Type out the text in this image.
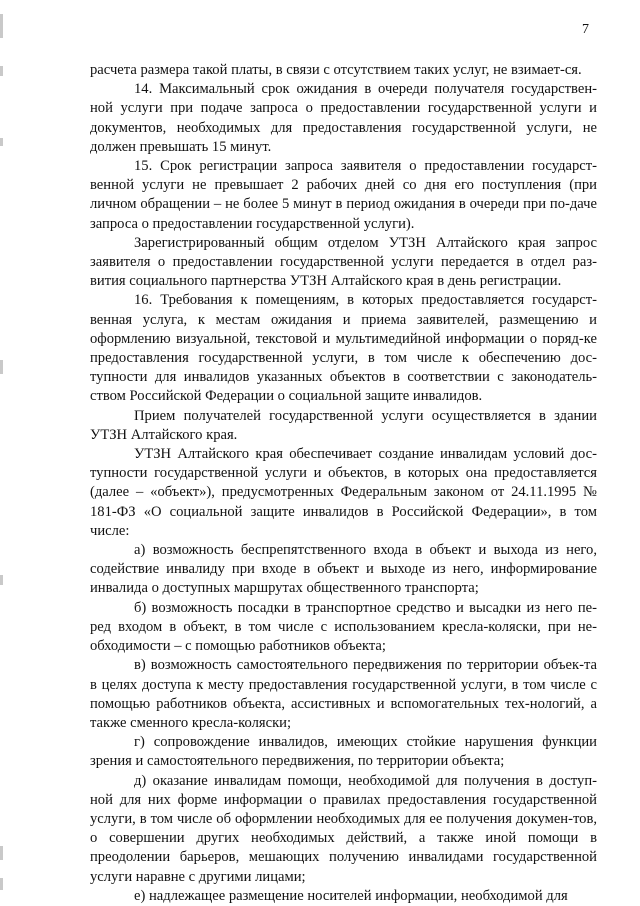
7

расчета размера такой платы, в связи с отсутствием таких услуг, не взимает-ся.

14. Максимальный срок ожидания в очереди получателя государствен-ной услуги при подаче запроса о предоставлении государственной услуги и документов, необходимых для предоставления государственной услуги, не должен превышать 15 минут.

15. Срок регистрации запроса заявителя о предоставлении государст-венной услуги не превышает 2 рабочих дней со дня его поступления (при личном обращении – не более 5 минут в период ожидания в очереди при по-даче запроса о предоставлении государственной услуги).

Зарегистрированный общим отделом УТЗН Алтайского края запрос заявителя о предоставлении государственной услуги передается в отдел раз-вития социального партнерства УТЗН Алтайского края в день регистрации.

16. Требования к помещениям, в которых предоставляется государст-венная услуга, к местам ожидания и приема заявителей, размещению и оформлению визуальной, текстовой и мультимедийной информации о поряд-ке предоставления государственной услуги, в том числе к обеспечению дос-тупности для инвалидов указанных объектов в соответствии с законодатель-ством Российской Федерации о социальной защите инвалидов.

Прием получателей государственной услуги осуществляется в здании УТЗН Алтайского края.

УТЗН Алтайского края обеспечивает создание инвалидам условий дос-тупности государственной услуги и объектов, в которых она предоставляется (далее – «объект»), предусмотренных Федеральным законом от 24.11.1995 № 181-ФЗ «О социальной защите инвалидов в Российской Федерации», в том числе:

а) возможность беспрепятственного входа в объект и выхода из него, содействие инвалиду при входе в объект и выходе из него, информирование инвалида о доступных маршрутах общественного транспорта;

б) возможность посадки в транспортное средство и высадки из него пе-ред входом в объект, в том числе с использованием кресла-коляски, при не-обходимости – с помощью работников объекта;

в) возможность самостоятельного передвижения по территории объек-та в целях доступа к месту предоставления государственной услуги, в том числе с помощью работников объекта, ассистивных и вспомогательных тех-нологий, а также сменного кресла-коляски;

г) сопровождение инвалидов, имеющих стойкие нарушения функции зрения и самостоятельного передвижения, по территории объекта;

д) оказание инвалидам помощи, необходимой для получения в доступ-ной для них форме информации о правилах предоставления государственной услуги, в том числе об оформлении необходимых для ее получения докумен-тов, о совершении других необходимых действий, а также иной помощи в преодолении барьеров, мешающих получению инвалидами государственной услуги наравне с другими лицами;

е) надлежащее размещение носителей информации, необходимой для
